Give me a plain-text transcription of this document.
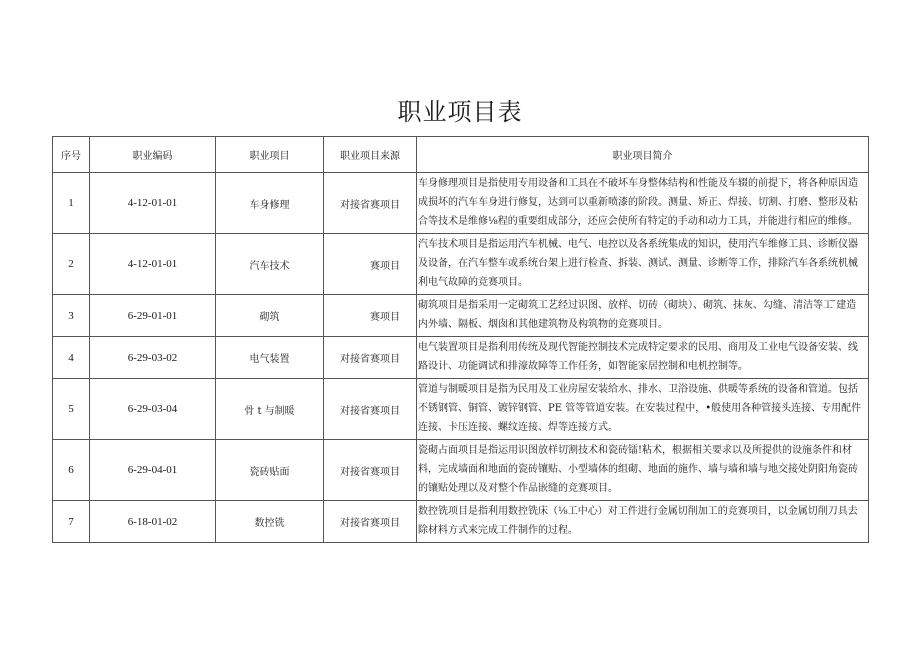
职业项目表
序号	职业编码	职业项目	职业项目来源	职业项目简介
1	4-12-01-01	车身修理	对接省赛项目	车身修理项目是指使用专用设备和工具在不破坏车身整体结构和性能及车辍的前提下，将各种原因造成损坏的汽车车身进行修复，达到可以重新喷漆的阶段。测量、矫正、焊接、切割、打磨、整形及粘合等技术是维修⅛程的重要组成部分，还应会使所有特定的手动和动力工具，并能进行相应的维修。
2	4-12-01-01	汽车技术	赛项目	汽车技术项目是指运用汽车机械、电气、电控以及各系统集成的知识，使用汽车维修工具、诊断仪器及设备，在汽车整车或系统台架上进行检查、拆装、测试、测量、诊断等工作，排除汽车各系统机械利电气故障的竞赛项目。
3	6-29-01-01	砌筑	赛项目	砌筑项目是指采用一定砌筑工艺经过识图、放样、切砖（砌块）、砌筑、抹灰、勾缝、清洁等工 ̄建造内外墙、隔板、烟囱和其他建筑物及构筑物的竞赛项目。
4	6-29-03-02	电气装置	对接省赛项目	电气装置项目是指利用传统及现代智能控制技术完成特定要求的民用、商用及工业电气设备安装、线路设计、功能调试和排濠故障等工作任务，如智能家居控制和电机控制等。
5	6-29-03-04	骨 t 与制暖	对接省赛项目	管道与制暖项目是指为民用及工业房屋安装给水、排水、卫浴设施、供暖等系统的设备和管道。包括不锈钢管、铜管、镀锌钢管、PE 管等管道安装。在安装过程中，•般使用各种管接头连接、专用配件连接、卡压连接、螺纹连接、焊等连接方式。
6	6-29-04-01	瓷砖贴面	对接省赛项目	瓷砌占面项目是指运用识图放样切割技术和瓷砖镭!粘术，根据相关要求以及所提供的设施条件和材料，完成墙面和地面的瓷砖镶贴、小型墙体的组砌、地面的施作、墙与墙和墙与地交接处阴阳角瓷砖的镶贴处理以及对整个作品嵌缝的竞赛项目。
7	6-18-01-02	数控铣	对接省赛项目	数控铣项目是指利用数控铣床（⅛工中心）对工件进行金属切削加工的竞赛项目，以金属切削刀具去除材料方式来完成工件制作的过程。
